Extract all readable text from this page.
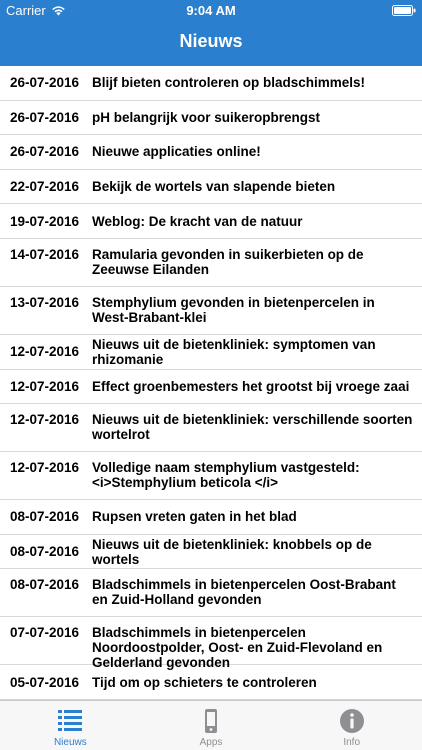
Carrier	9:04 AM
Nieuws
26-07-2016 Blijf bieten controleren op bladschimmels!
26-07-2016 pH belangrijk voor suikeropbrengst
26-07-2016 Nieuwe applicaties online!
22-07-2016 Bekijk de wortels van slapende bieten
19-07-2016 Weblog: De kracht van de natuur
14-07-2016 Ramularia gevonden in suikerbieten op de Zeeuwse Eilanden
13-07-2016 Stemphylium gevonden in bietenpercelen in West-Brabant-klei
12-07-2016 Nieuws uit de bietenkliniek: symptomen van rhizomanie
12-07-2016 Effect groenbemesters het grootst bij vroege zaai
12-07-2016 Nieuws uit de bietenkliniek: verschillende soorten wortelrot
12-07-2016 Volledige naam stemphylium vastgesteld: <i>Stemphylium beticola </i>
08-07-2016 Rupsen vreten gaten in het blad
08-07-2016 Nieuws uit de bietenkliniek: knobbels op de wortels
08-07-2016 Bladschimmels in bietenpercelen Oost-Brabant en Zuid-Holland gevonden
07-07-2016 Bladschimmels in bietenpercelen Noordoostpolder, Oost- en Zuid-Flevoland en Gelderland gevonden
05-07-2016 Tijd om op schieters te controleren
Nieuws	Apps	Info
